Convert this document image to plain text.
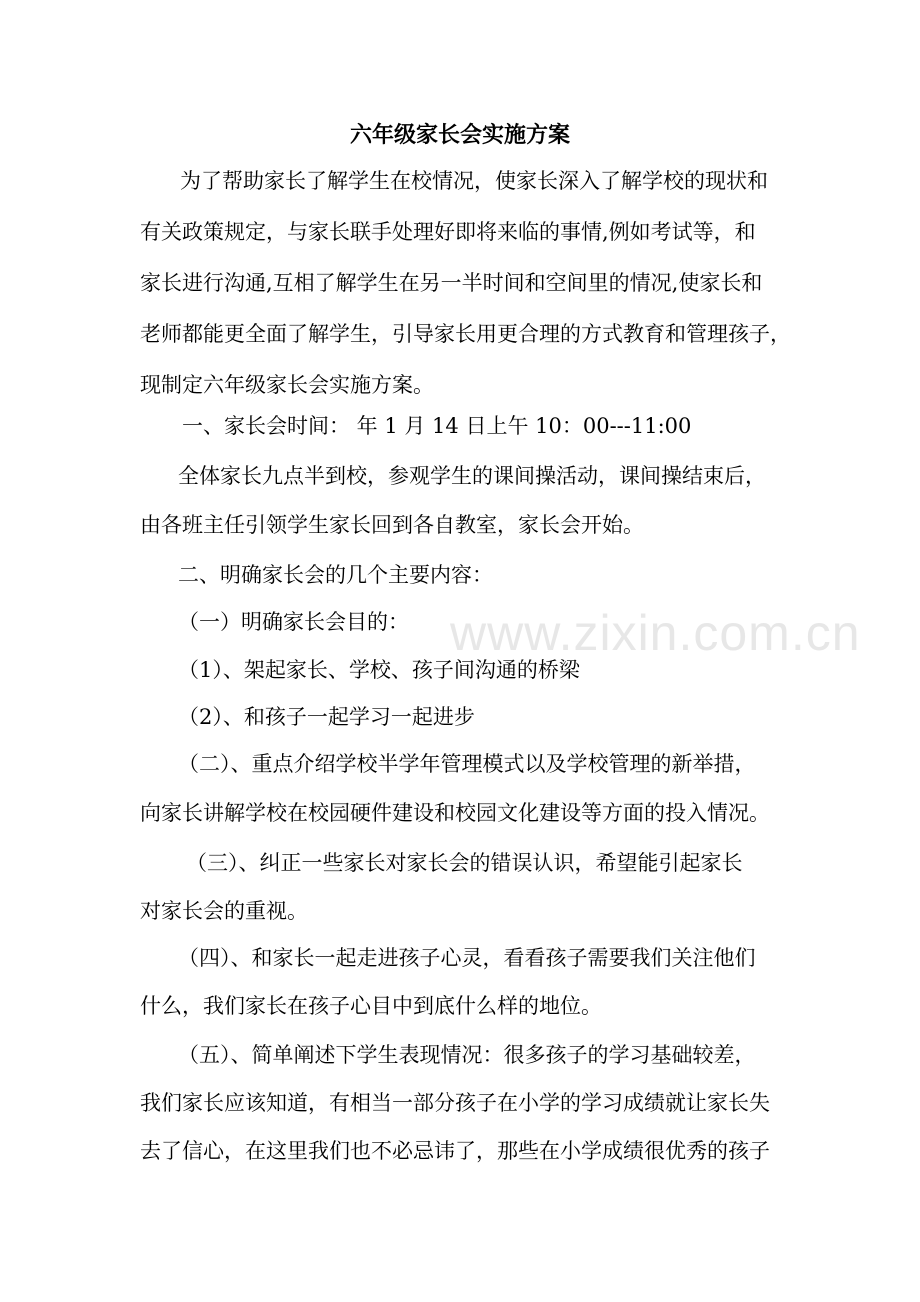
六年级家长会实施方案
为了帮助家长了解学生在校情况，使家长深入了解学校的现状和
有关政策规定，与家长联手处理好即将来临的事情,例如考试等，和
家长进行沟通,互相了解学生在另一半时间和空间里的情况,使家长和
老师都能更全面了解学生，引导家长用更合理的方式教育和管理孩子，
现制定六年级家长会实施方案。
一、家长会时间： 年 1 月 14 日上午 10：00---11:00
全体家长九点半到校，参观学生的课间操活动，课间操结束后，
由各班主任引领学生家长回到各自教室，家长会开始。
二、明确家长会的几个主要内容：
（一）明确家长会目的：
（1）、架起家长、学校、孩子间沟通的桥梁
（2）、和孩子一起学习一起进步
（二）、重点介绍学校半学年管理模式以及学校管理的新举措，
向家长讲解学校在校园硬件建设和校园文化建设等方面的投入情况。
（三）、纠正一些家长对家长会的错误认识，希望能引起家长
对家长会的重视。
（四）、和家长一起走进孩子心灵，看看孩子需要我们关注他们
什么，我们家长在孩子心目中到底什么样的地位。
（五）、简单阐述下学生表现情况：很多孩子的学习基础较差，
我们家长应该知道，有相当一部分孩子在小学的学习成绩就让家长失
去了信心，在这里我们也不必忌讳了，那些在小学成绩很优秀的孩子
www.zixin.com.cn
